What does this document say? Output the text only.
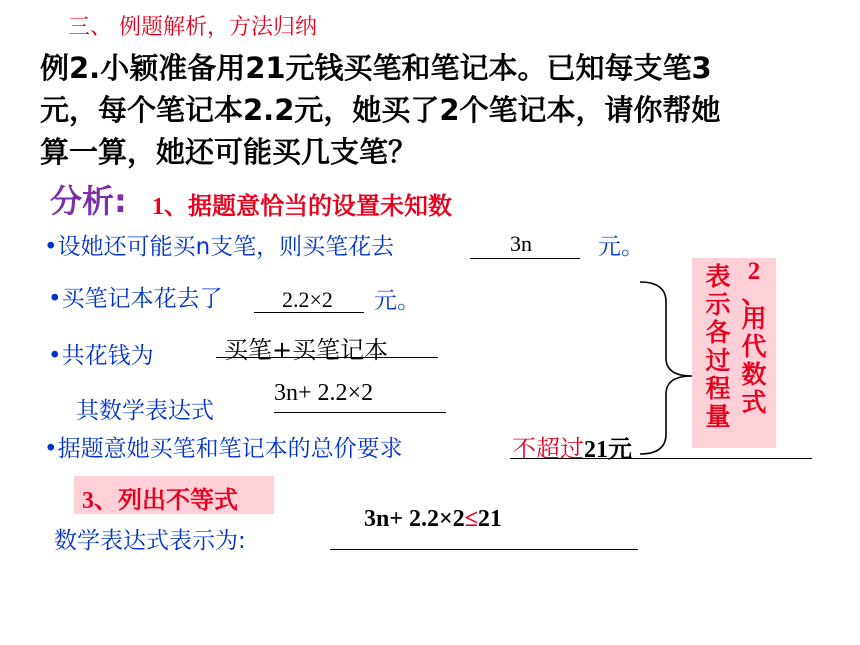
三、 例题解析，方法归纳
例2.小颖准备用21元钱买笔和笔记本。已知每支笔3
元，每个笔记本2.2元，她买了2个笔记本，请你帮她
算一算，她还可能买几支笔？
分析: 1、据题意恰当的设置未知数
•设她还可能买n支笔，则买笔花去	3n	元。
•买笔记本花去了	2.2×2 元。
•共花钱为	买笔+买笔记本
其数学表达式
3n+ 2.2×2
•据题意她买笔和笔记本的总价要求	不超过21元
表
示
各
过
程
量
2
、
用
代
数
式
3、列出不等式
数学表达式表示为:
3n+ 2.2×2≤21
